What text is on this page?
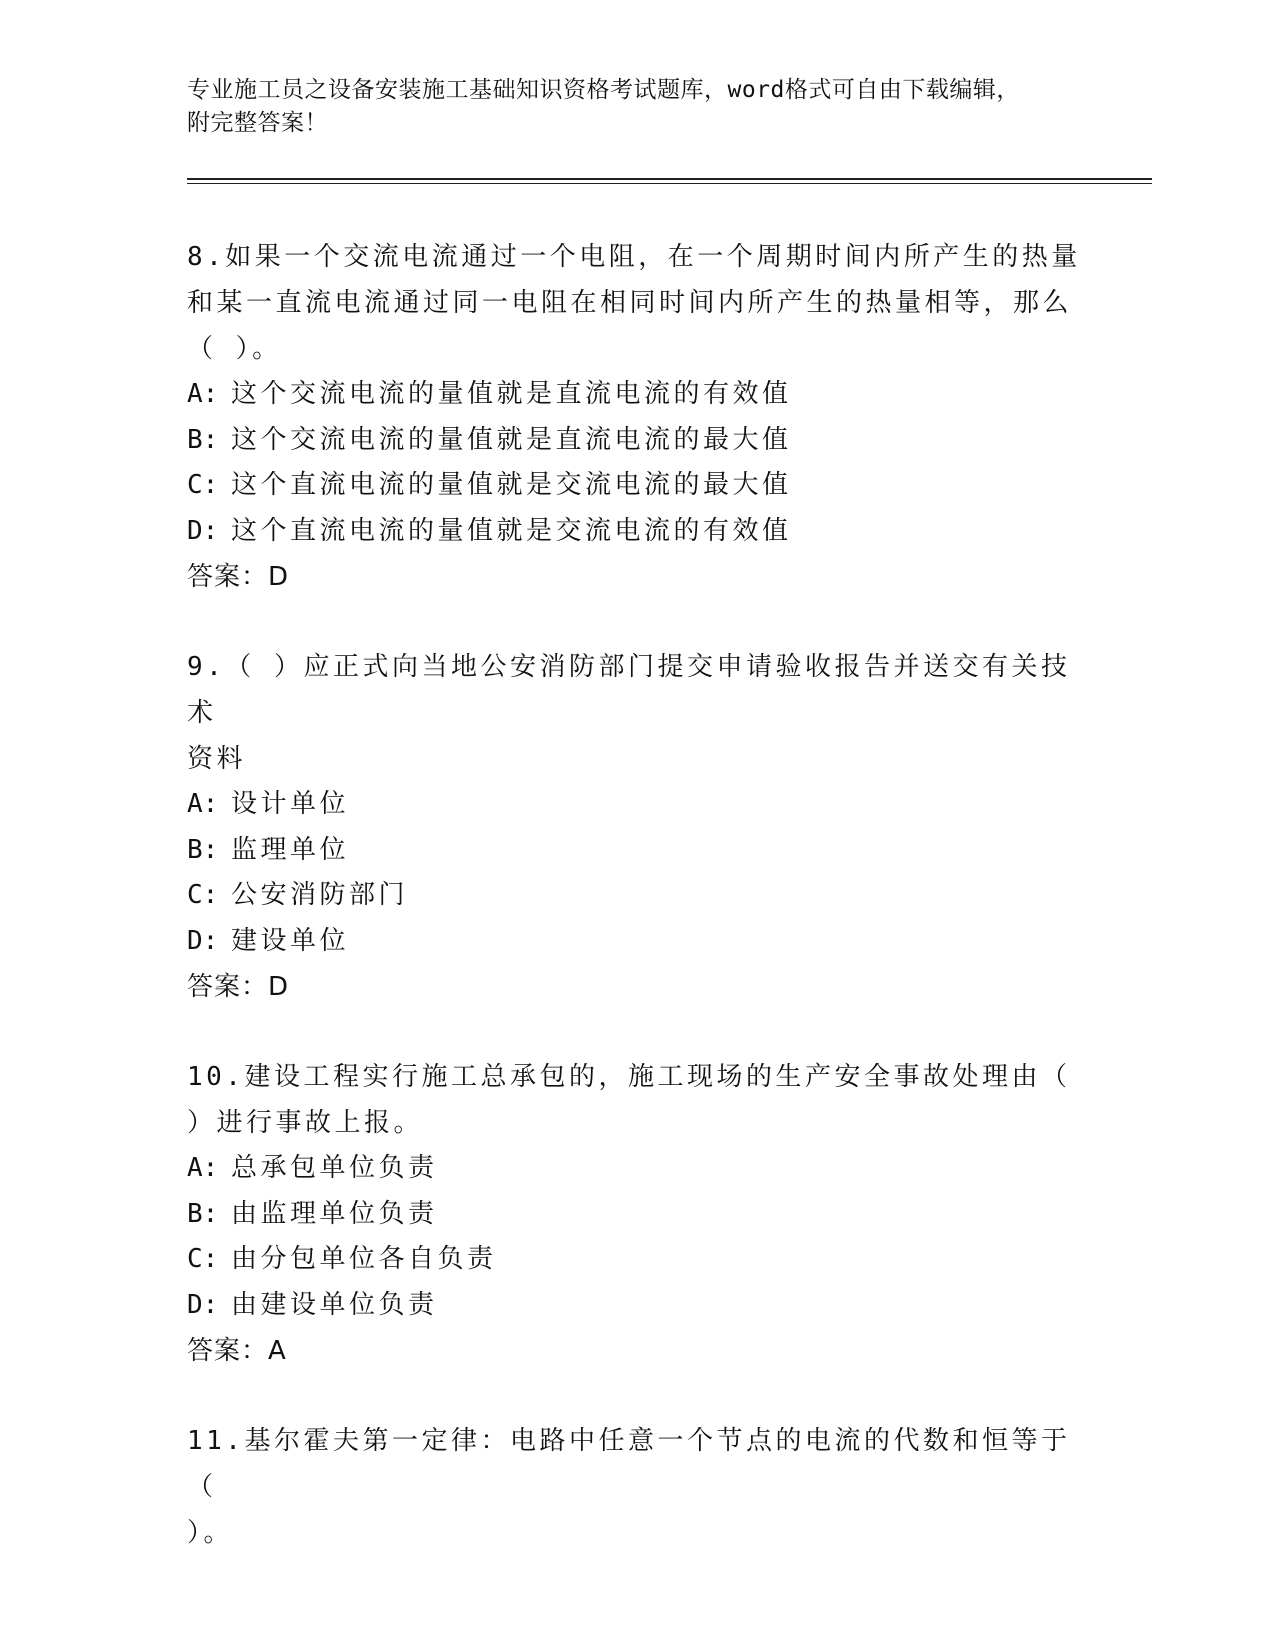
专业施工员之设备安装施工基础知识资格考试题库，word格式可自由下载编辑，
附完整答案！
8.如果一个交流电流通过一个电阻，在一个周期时间内所产生的热量
和某一直流电流通过同一电阻在相同时间内所产生的热量相等，那么
（ ）。
A: 这个交流电流的量值就是直流电流的有效值
B: 这个交流电流的量值就是直流电流的最大值
C: 这个直流电流的量值就是交流电流的最大值
D: 这个直流电流的量值就是交流电流的有效值
答案：D
9.（ ）应正式向当地公安消防部门提交申请验收报告并送交有关技术
资料
A: 设计单位
B: 监理单位
C: 公安消防部门
D: 建设单位
答案：D
10.建设工程实行施工总承包的，施工现场的生产安全事故处理由（
）进行事故上报。
A: 总承包单位负责
B: 由监理单位负责
C: 由分包单位各自负责
D: 由建设单位负责
答案：A
11.基尔霍夫第一定律：电路中任意一个节点的电流的代数和恒等于（
）。
